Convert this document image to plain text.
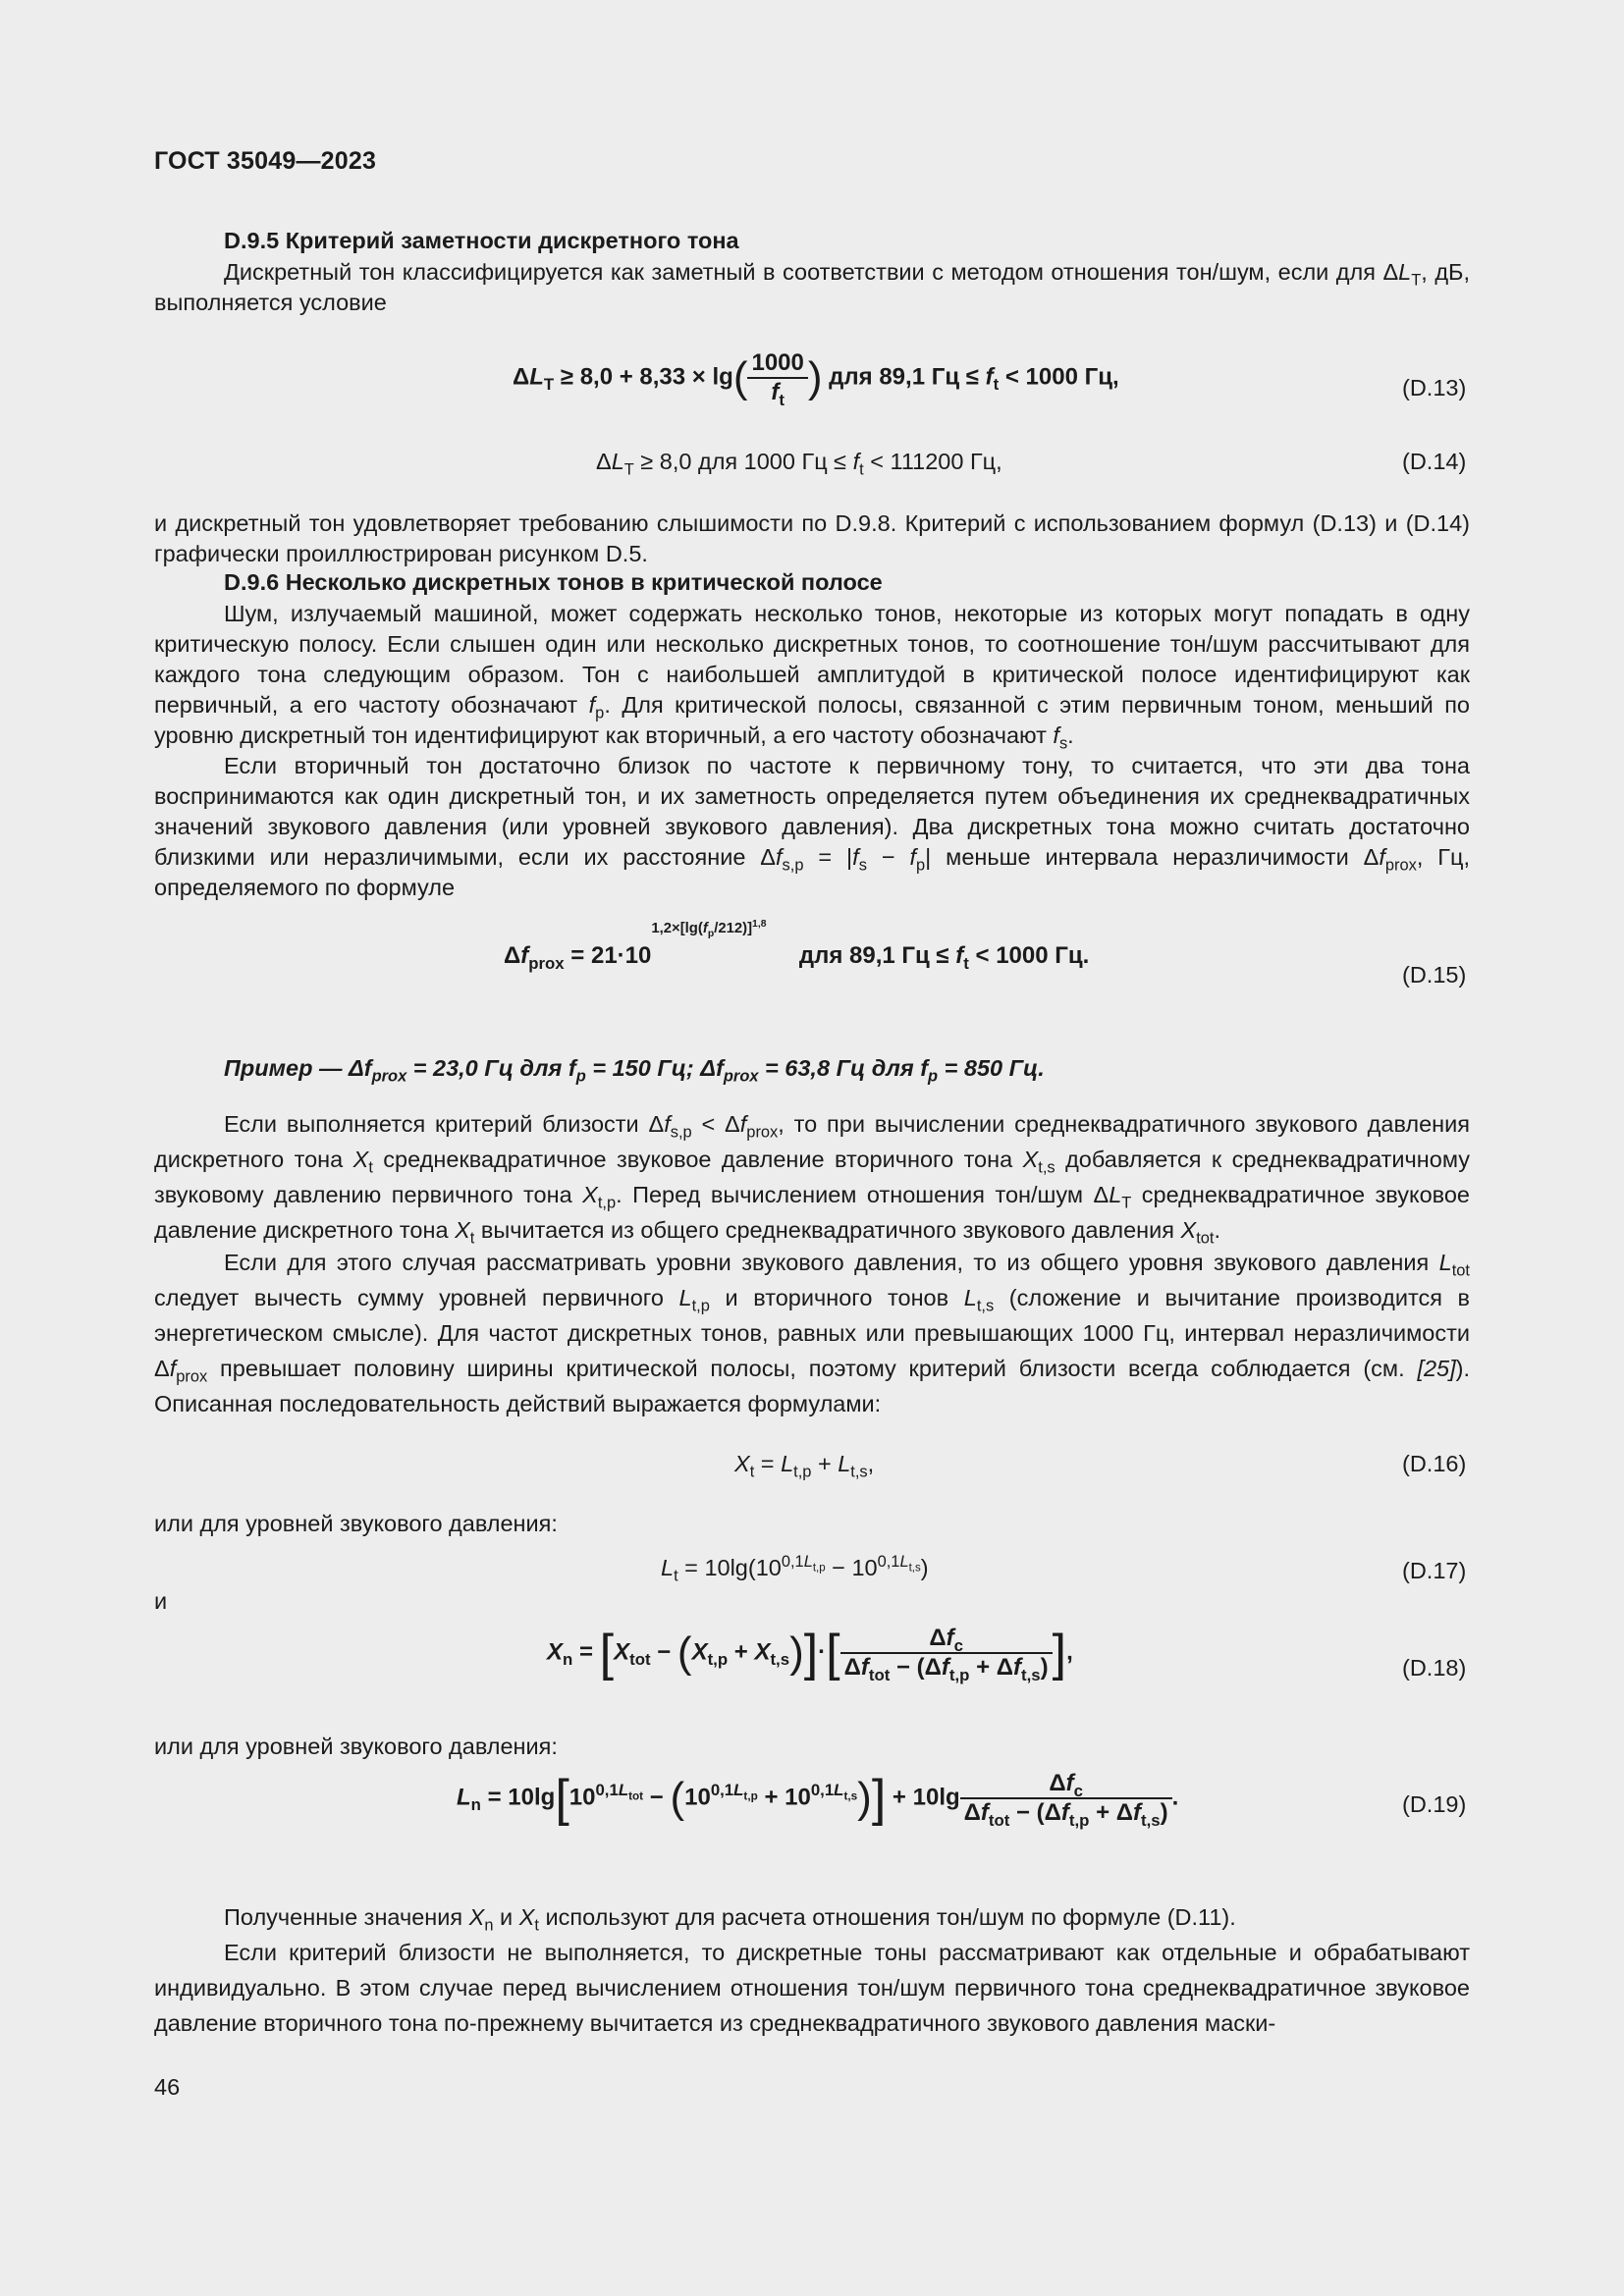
ГОСТ 35049—2023
D.9.5 Критерий заметности дискретного тона
Дискретный тон классифицируется как заметный в соответствии с методом отношения тон/шум, если для $\Delta L_T$, дБ, выполняется условие
$\Delta L_T \ge 8,0 + 8,33 \times \lg( \frac{1000}{f_t}$ ) для 89,1 Гц ≤ $f_t < 1000$ Гц,	(D.13)
$\Delta L_T \ge 8,0$ для 1000 Гц ≤ $f_t < 111200$ Гц,	(D.14)
и дискретный тон удовлетворяет требованию слышимости по D.9.8. Критерий с использованием формул (D.13) и (D.14) графически проиллюстрирован рисунком D.5.
D.9.6 Несколько дискретных тонов в критической полосе
Шум, излучаемый машиной, может содержать несколько тонов, некоторые из которых могут попадать в одну критическую полосу. Если слышен один или несколько дискретных тонов, то соотношение тон/шум рассчитывают для каждого тона следующим образом. Тон с наибольшей амплитудой в критической полосе идентифицируют как первичный, а его частоту обозначают $f_p$. Для критической полосы, связанной с этим первичным тоном, меньший по уровню дискретный тон идентифицируют как вторичный, а его частоту обозначают $f_s$.
Если вторичный тон достаточно близок по частоте к первичному тону, то считается, что эти два тона воспринимаются как один дискретный тон, и их заметность определяется путем объединения их среднеквадратичных значений звукового давления (или уровней звукового давления). Два дискретных тона можно считать достаточно близкими или неразличимыми, если их расстояние $\Delta f_{s,p} = |f_s - f_p|$ меньше интервала неразличимости $\Delta f_{prox}$, Гц, определяемого по формуле
$\Delta f_{prox} = 21\cdot 10^{1,2\times[lg(f_p/212)]^{1,8}}$     для 89,1 Гц ≤ $f_t < 1000$ Гц.
(D.15)
Пример — $\Delta f_{prox} = 23,0$ Гц для $f_p = 150$ Гц; $\Delta f_{prox} = 63,8$ Гц для $f_p = 850$ Гц.
Если выполняется критерий близости $\Delta f_{s,p} < \Delta f_{prox}$, то при вычислении среднеквадратичного звукового давления дискретного тона $X_t$ среднеквадратичное звуковое давление вторичного тона $X_{t,s}$ добавляется к среднеквадратичному звуковому давлению первичного тона $X_{t,p}$. Перед вычислением отношения тон/шум $\Delta L_T$ среднеквадратичное звуковое давление дискретного тона $X_t$ вычитается из общего среднеквадратичного звукового давления $X_{tot}$.
Если для этого случая рассматривать уровни звукового давления, то из общего уровня звукового давления $L_{tot}$ следует вычесть сумму уровней первичного $L_{t,p}$ и вторичного тонов $L_{t,s}$ (сложение и вычитание производится в энергетическом смысле). Для частот дискретных тонов, равных или превышающих 1000 Гц, интервал неразличимости $\Delta f_{prox}$ превышает половину ширины критической полосы, поэтому критерий близости всегда соблюдается (см. [25]). Описанная последовательность действий выражается формулами:
$X_t = L_{t,p} + L_{t,s}$,	(D.16)
или для уровней звукового давления:
$L_t = 10\lg(10^{0,1L_{t,p}} - 10^{0,1L_{t,s}})$	(D.17)
и
$X_n = [X_{tot} - (X_{t,p} + X_{t,s})]\cdot[ \frac{\Delta f_c}{\Delta f_{tot} - (\Delta f_{t,p} + \Delta f_{t,s})}$ ],
(D.18)
или для уровней звукового давления:
$L_n = 10\lg[10^{0,1L_{tot}} - (10^{0,1L_{t,p}} + 10^{0,1L_{t,s}})] + 10\lg \frac{\Delta f_c}{\Delta f_{tot} - (\Delta f_{t,p} + \Delta f_{t,s})}$ .	(D.19)
Полученные значения $X_n$ и $X_t$ используют для расчета отношения тон/шум по формуле (D.11).
Если критерий близости не выполняется, то дискретные тоны рассматривают как отдельные и обрабатывают индивидуально. В этом случае перед вычислением отношения тон/шум первичного тона среднеквадратичное звуковое давление вторичного тона по-прежнему вычитается из среднеквадратичного звукового давления маски-
46
